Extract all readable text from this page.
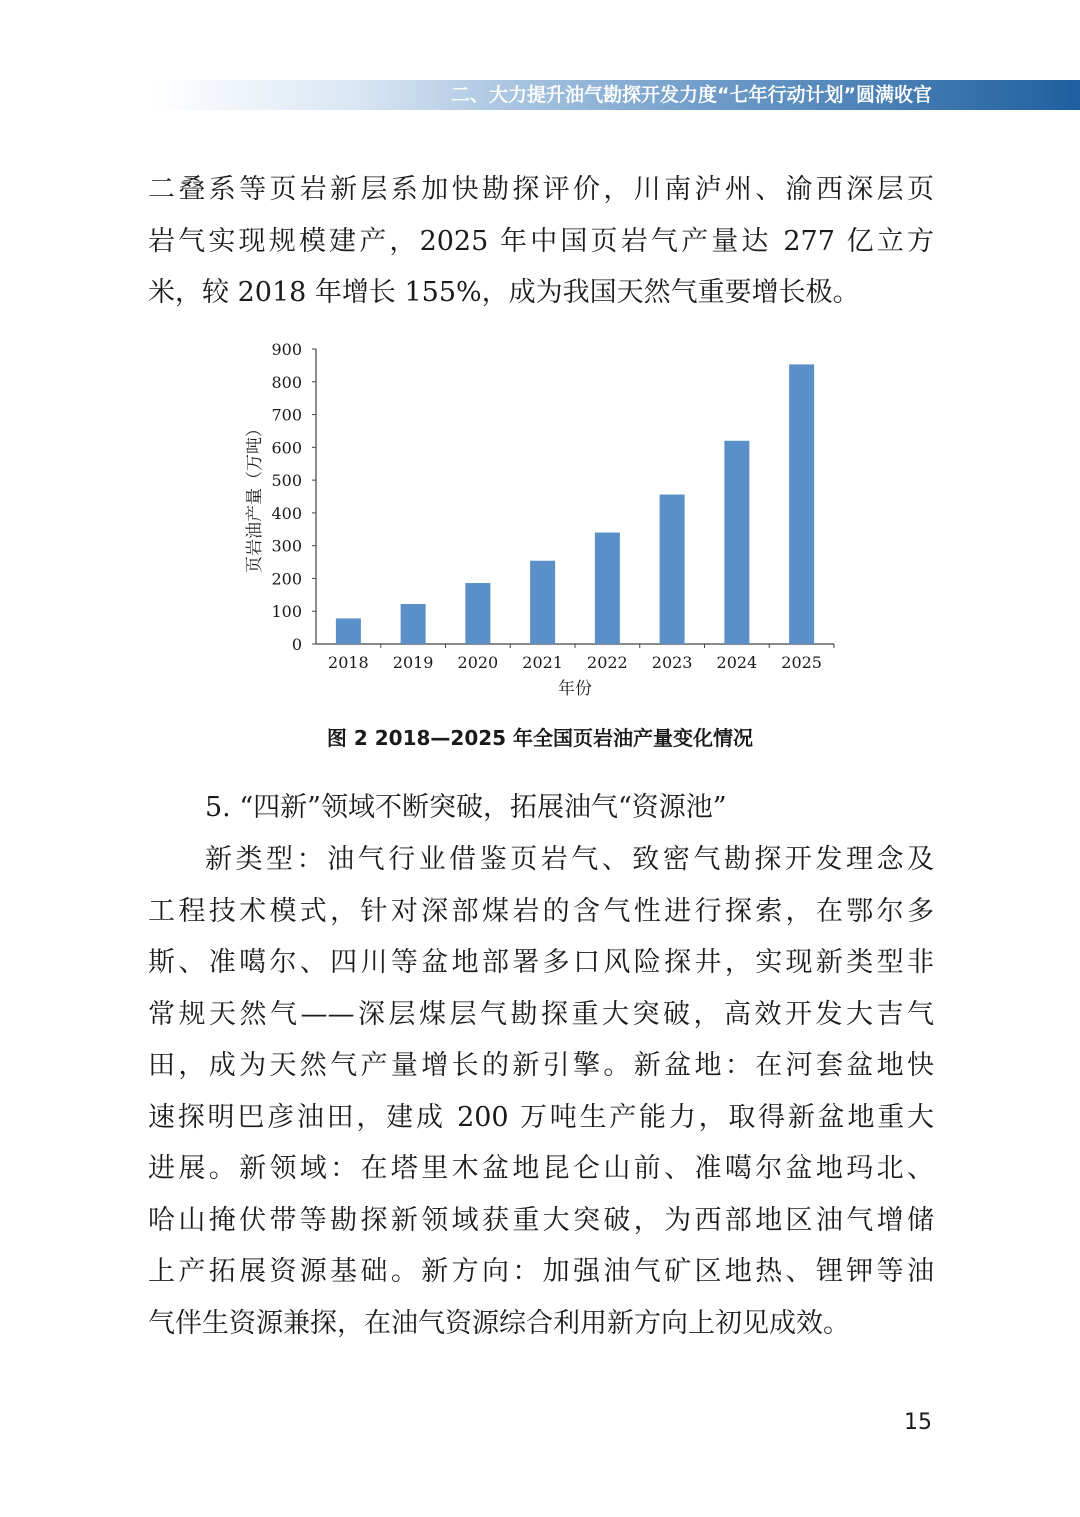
二、大力提升油气勘探开发力度“七年行动计划”圆满收官
二叠系等页岩新层系加快勘探评价，川南泸州、渝西深层页
岩气实现规模建产，2025 年中国页岩气产量达 277 亿立方
米，较 2018 年增长 155%，成为我国天然气重要增长极。
0
100
200
300
400
500
600
700
800
900
2018 2019 2020 2021 2022 2023 2024 2025
年份
页岩油产量（万吨）
图 2 2018—2025 年全国页岩油产量变化情况
5. “四新”领域不断突破，拓展油气“资源池”
新类型：油气行业借鉴页岩气、致密气勘探开发理念及
工程技术模式，针对深部煤岩的含气性进行探索，在鄂尔多
斯、准噶尔、四川等盆地部署多口风险探井，实现新类型非
常规天然气——深层煤层气勘探重大突破，高效开发大吉气
田，成为天然气产量增长的新引擎。新盆地：在河套盆地快
速探明巴彦油田，建成 200 万吨生产能力，取得新盆地重大
进展。新领域：在塔里木盆地昆仑山前、准噶尔盆地玛北、
哈山掩伏带等勘探新领域获重大突破，为西部地区油气增储
上产拓展资源基础。新方向：加强油气矿区地热、锂钾等油
气伴生资源兼探，在油气资源综合利用新方向上初见成效。
15
